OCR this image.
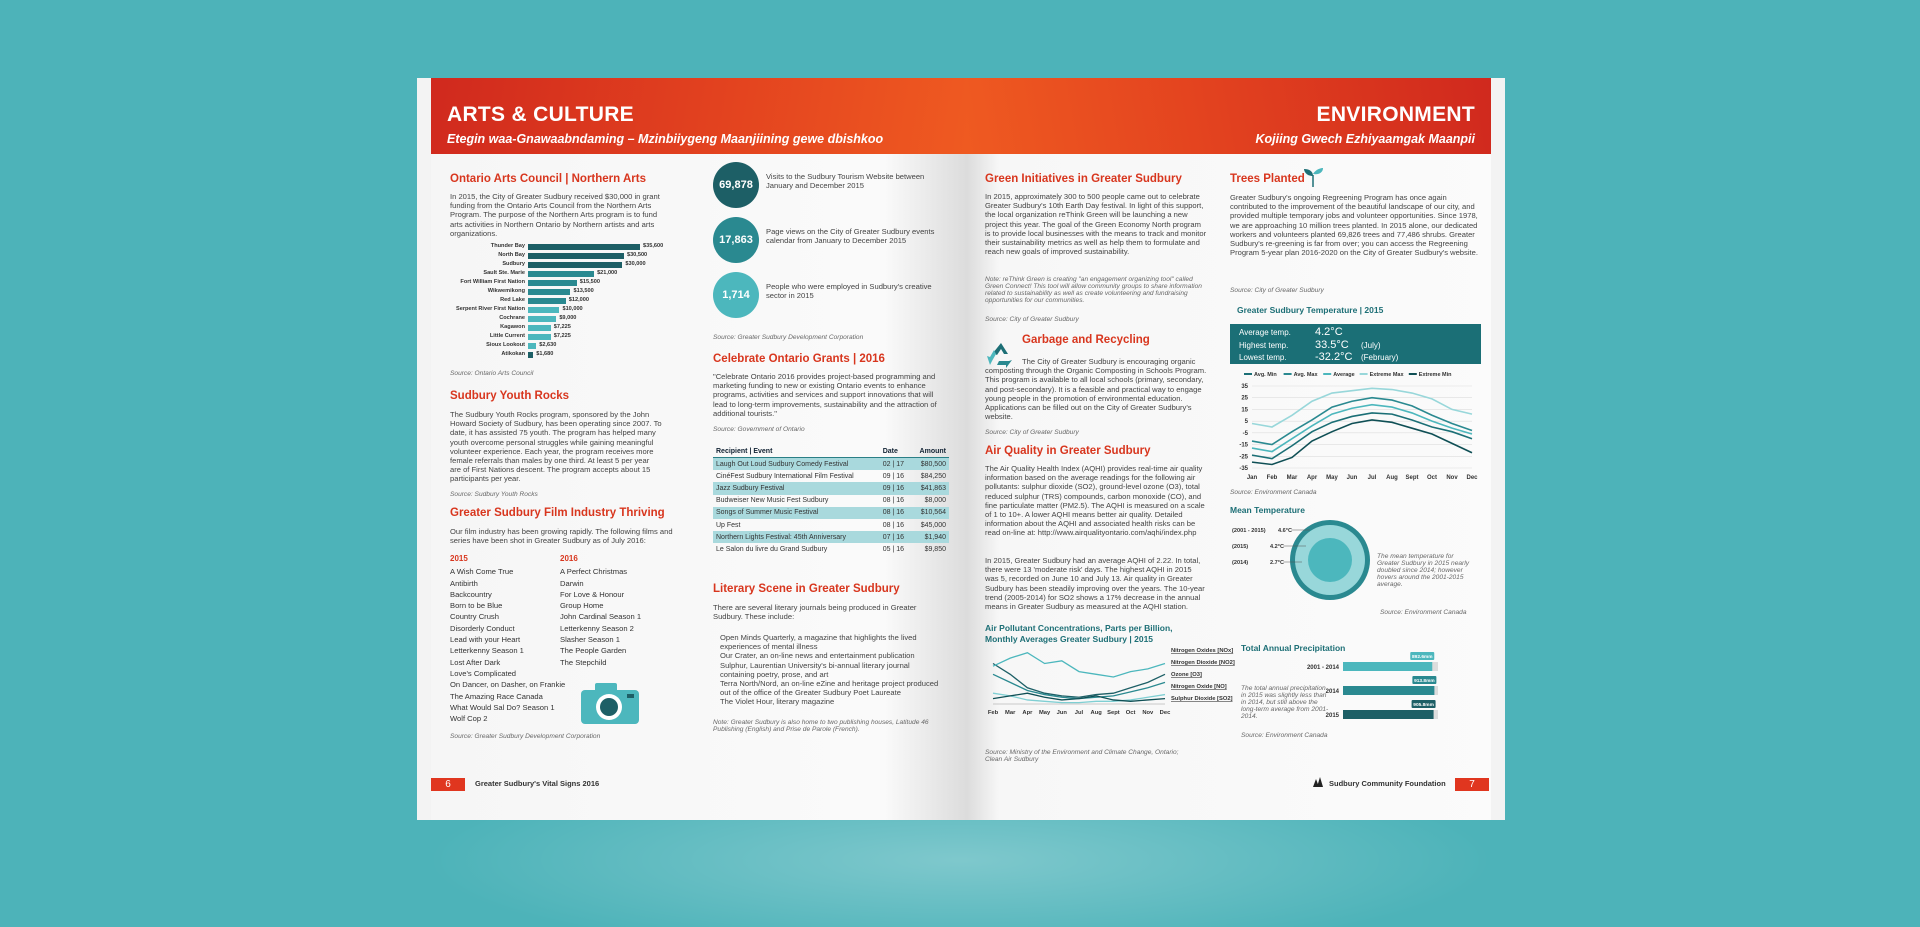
ARTS & CULTURE
Etegin waa-Gnawaabndaming – Mzinbiiygeng Maanjiining gewe dbishkoo
Ontario Arts Council | Northern Arts
In 2015, the City of Greater Sudbury received $30,000 in grant funding from the Ontario Arts Council from the Northern Arts Program. The purpose of the Northern Arts program is to fund arts activities in Northern Ontario by Northern artists and arts organizations.
Thunder Bay	$35,600
North Bay	$30,500
Sudbury	$30,000
Sault Ste. Marie	$21,000
Fort William First Nation	$15,500
Wikwemikong	$13,500
Red Lake	$12,000
Serpent River First Nation	$10,000
Cochrane	$9,000
Kagawon	$7,225
Little Current	$7,225
Sioux Lookout	$2,630
Atikokan $1,680
Source: Ontario Arts Council
Sudbury Youth Rocks
The Sudbury Youth Rocks program, sponsored by the John Howard Society of Sudbury, has been operating since 2007. To date, it has assisted 75 youth. The program has helped many youth overcome personal struggles while gaining meaningful volunteer experience. Each year, the program receives more female referrals than males by one third. At least 5 per year are of First Nations descent. The program accepts about 15 participants per year.
Source: Sudbury Youth Rocks
Greater Sudbury Film Industry Thriving
Our film industry has been growing rapidly. The following films and series have been shot in Greater Sudbury as of July 2016:
2015
A Wish Come True
Antibirth
Backcountry
Born to be Blue
Country Crush
Disorderly Conduct
Lead with your Heart
Letterkenny Season 1
Lost After Dark
Love's Complicated
On Dancer, on Dasher, on Frankie
The Amazing Race Canada
What Would Sal Do? Season 1
Wolf Cop 2
2016
A Perfect Christmas
Darwin
For Love & Honour
Group Home
John Cardinal Season 1
Letterkenny Season 2
Slasher Season 1
The People Garden
The Stepchild
Source: Greater Sudbury Development Corporation
69,878
Visits to the Sudbury Tourism Website between January and December 2015
17,863
Page views on the City of Greater Sudbury events calendar from January to December 2015
1,714
People who were employed in Sudbury's creative sector in 2015
Source: Greater Sudbury Development Corporation
Celebrate Ontario Grants | 2016
"Celebrate Ontario 2016 provides project-based programming and marketing funding to new or existing Ontario events to enhance programs, activities and services and support innovations that will lead to long-term improvements, sustainability and the attraction of additional tourists."
Source: Government of Ontario
Recipient | Event	Date	Amount
Laugh Out Loud Sudbury Comedy Festival	02 | 17	$80,500
CinéFest Sudbury International Film Festival	09 | 16	$84,250
Jazz Sudbury Festival	09 | 16	$41,863
Budweiser New Music Fest Sudbury	08 | 16	$8,000
Songs of Summer Music Festival	08 | 16	$10,564
Up Fest	08 | 16	$45,000
Northern Lights Festival: 45th Anniversary	07 | 16	$1,940
Le Salon du livre du Grand Sudbury	05 | 16	$9,850
Literary Scene in Greater Sudbury
There are several literary journals being produced in Greater Sudbury. These include:
Open Minds Quarterly, a magazine that highlights the lived experiences of mental illness
Our Crater, an on-line news and entertainment publication
Sulphur, Laurentian University's bi-annual literary journal containing poetry, prose, and art
Terra North/Nord, an on-line eZine and heritage project produced out of the office of the Greater Sudbury Poet Laureate
The Violet Hour, literary magazine
Note: Greater Sudbury is also home to two publishing houses, Latitude 46 Publishing (English) and Prise de Parole (French).
6	Greater Sudbury's Vital Signs 2016
ENVIRONMENT
Kojiing Gwech Ezhiyaamgak Maanpii
Green Initiatives in Greater Sudbury
In 2015, approximately 300 to 500 people came out to celebrate Greater Sudbury's 10th Earth Day festival. In light of this support, the local organization reThink Green will be launching a new project this year. The goal of the Green Economy North program is to provide local businesses with the means to track and monitor their sustainability metrics as well as help them to formulate and reach new goals of improved sustainability.
Note: reThink Green is creating "an engagement organizing tool" called Green Connect! This tool will allow community groups to share information related to sustainability as well as create volunteering and fundraising opportunities for our communities.
Source: City of Greater Sudbury
Garbage and Recycling
The City of Greater Sudbury is encouraging organic composting through the Organic Composting in Schools Program. This program is available to all local schools (primary, secondary, and post-secondary). It is a feasible and practical way to engage young people in the promotion of environmental education. Applications can be filled out on the City of Greater Sudbury's website.
Source: City of Greater Sudbury
Air Quality in Greater Sudbury
The Air Quality Health Index (AQHI) provides real-time air quality information based on the average readings for the following air pollutants: sulphur dioxide (SO2), ground-level ozone (O3), total reduced sulphur (TRS) compounds, carbon monoxide (CO), and fine particulate matter (PM2.5). The AQHI is measured on a scale of 1 to 10+. A lower AQHI means better air quality. Detailed information about the AQHI and associated health risks can be read on-line at: http://www.airqualityontario.com/aqhi/index.php
In 2015, Greater Sudbury had an average AQHI of 2.22. In total, there were 13 'moderate risk' days. The highest AQHI in 2015 was 5, recorded on June 10 and July 13. Air quality in Greater Sudbury has been steadily improving over the years. The 10-year trend (2005-2014) for SO2 shows a 17% decrease in the annual means in Greater Sudbury as measured at the AQHI station.
Air Pollutant Concentrations, Parts per Billion, Monthly Averages Greater Sudbury | 2015
Feb Mar Apr May Jun Jul Aug Sept Oct Nov Dec
Nitrogen Oxides [NOx]
Nitrogen Dioxide [NO2]
Ozone [O3]
Nitrogen Oxide [NO]
Sulphur Dioxide [SO2]
Source: Ministry of the Environment and Climate Change, Ontario; Clean Air Sudbury
Trees Planted
Greater Sudbury's ongoing Regreening Program has once again contributed to the improvement of the beautiful landscape of our city, and provided multiple temporary jobs and volunteer opportunities. Since 1978, we are approaching 10 million trees planted. In 2015 alone, our dedicated workers and volunteers planted 69,826 trees and 77,486 shrubs. Greater Sudbury's re-greening is far from over; you can access the Regreening Program 5-year plan 2016-2020 on the City of Greater Sudbury's website.
Source: City of Greater Sudbury
Greater Sudbury Temperature | 2015
Average temp. 4.2°C
Highest temp. 33.5°C (July)
Lowest temp.	-32.2°C (February)
Avg. Min	Avg. Max	Average	Extreme Max	Extreme Min
35
25
15
5
-5
-15
-25
-35
Jan Feb Mar Apr May Jun Jul Aug Sept Oct Nov Dec
Source: Environment Canada
Mean Temperature
(2001 - 2015) 4.6°C
(2015)	4.2°C
(2014)	2.7°C
The mean temperature for Greater Sudbury in 2015 nearly doubled since 2014; however hovers around the 2001-2015 average.
Source: Environment Canada
Total Annual Precipitation
The total annual precipitation in 2015 was slightly less than in 2014, but still above the long-term average from 2001-2014.
2001 - 2014
892.6mm
2014
913.8mm
2015
905.8mm
Source: Environment Canada
Sudbury Community Foundation	7
